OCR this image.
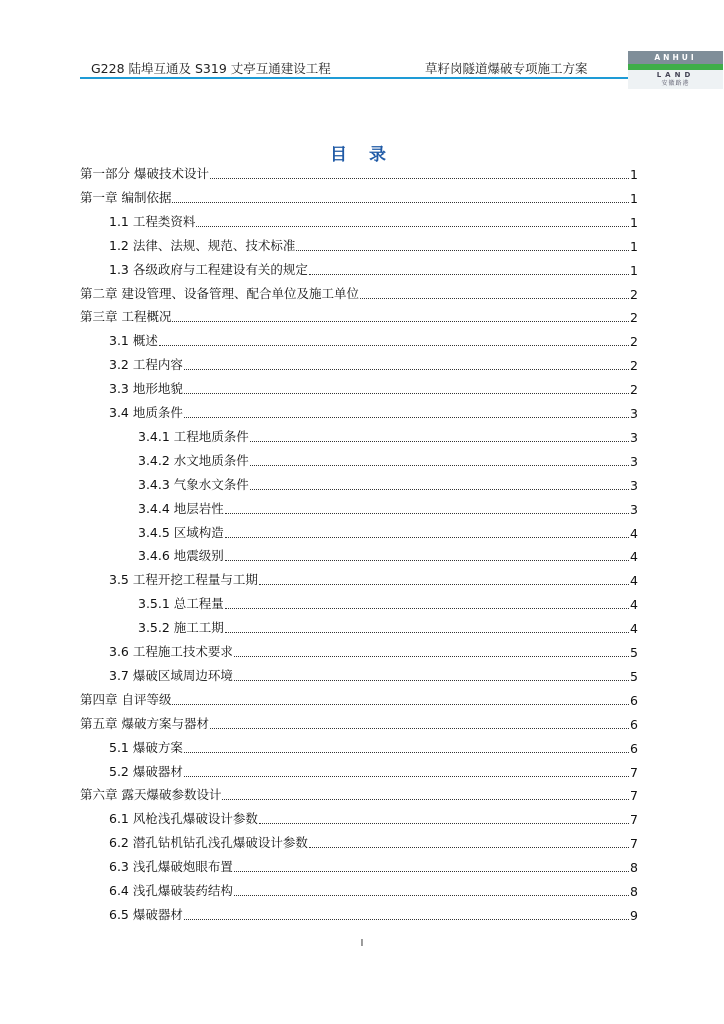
G228 陆埠互通及 S319 丈亭互通建设工程	草籽岗隧道爆破专项施工方案
ANHUI
LAND
安徽路港
目 录
第一部分 爆破技术设计	1
第一章 编制依据	1
1.1 工程类资料	1
1.2 法律、法规、规范、技术标准	1
1.3 各级政府与工程建设有关的规定	1
第二章 建设管理、设备管理、配合单位及施工单位	2
第三章 工程概况	2
3.1 概述	2
3.2 工程内容	2
3.3 地形地貌	2
3.4 地质条件	3
3.4.1 工程地质条件	3
3.4.2 水文地质条件	3
3.4.3 气象水文条件	3
3.4.4 地层岩性	3
3.4.5 区域构造	4
3.4.6 地震级别	4
3.5 工程开挖工程量与工期	4
3.5.1 总工程量	4
3.5.2 施工工期	4
3.6 工程施工技术要求	5
3.7 爆破区域周边环境	5
第四章 自评等级	6
第五章 爆破方案与器材	6
5.1 爆破方案	6
5.2 爆破器材	7
第六章 露天爆破参数设计	7
6.1 风枪浅孔爆破设计参数	7
6.2 潜孔钻机钻孔浅孔爆破设计参数	7
6.3 浅孔爆破炮眼布置	8
6.4 浅孔爆破装药结构	8
6.5 爆破器材	9
I
